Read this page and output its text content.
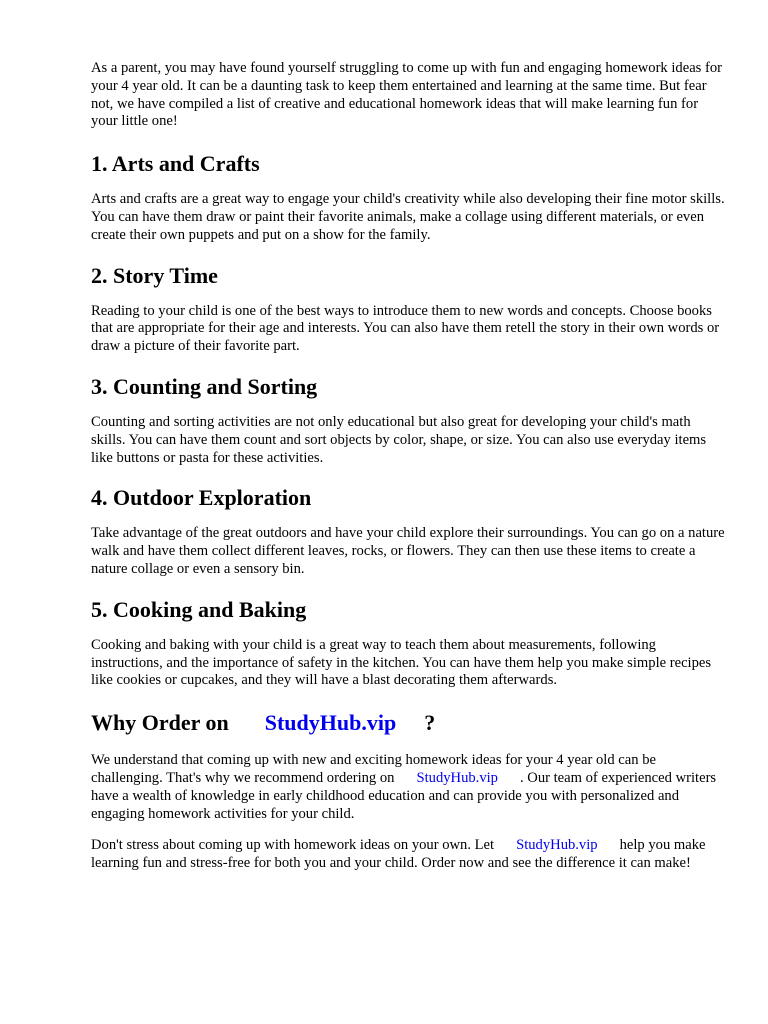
As a parent, you may have found yourself struggling to come up with fun and engaging homework ideas for your 4 year old. It can be a daunting task to keep them entertained and learning at the same time. But fear not, we have compiled a list of creative and educational homework ideas that will make learning fun for your little one!

1. Arts and Crafts

Arts and crafts are a great way to engage your child's creativity while also developing their fine motor skills. You can have them draw or paint their favorite animals, make a collage using different materials, or even create their own puppets and put on a show for the family.

2. Story Time

Reading to your child is one of the best ways to introduce them to new words and concepts. Choose books that are appropriate for their age and interests. You can also have them retell the story in their own words or draw a picture of their favorite part.

3. Counting and Sorting

Counting and sorting activities are not only educational but also great for developing your child's math skills. You can have them count and sort objects by color, shape, or size. You can also use everyday items like buttons or pasta for these activities.

4. Outdoor Exploration

Take advantage of the great outdoors and have your child explore their surroundings. You can go on a nature walk and have them collect different leaves, rocks, or flowers. They can then use these items to create a nature collage or even a sensory bin.

5. Cooking and Baking

Cooking and baking with your child is a great way to teach them about measurements, following instructions, and the importance of safety in the kitchen. You can have them help you make simple recipes like cookies or cupcakes, and they will have a blast decorating them afterwards.

Why Order on StudyHub.vip ?

We understand that coming up with new and exciting homework ideas for your 4 year old can be challenging. That's why we recommend ordering on StudyHub.vip . Our team of experienced writers have a wealth of knowledge in early childhood education and can provide you with personalized and engaging homework activities for your child.

Don't stress about coming up with homework ideas on your own. Let StudyHub.vip help you make learning fun and stress-free for both you and your child. Order now and see the difference it can make!
